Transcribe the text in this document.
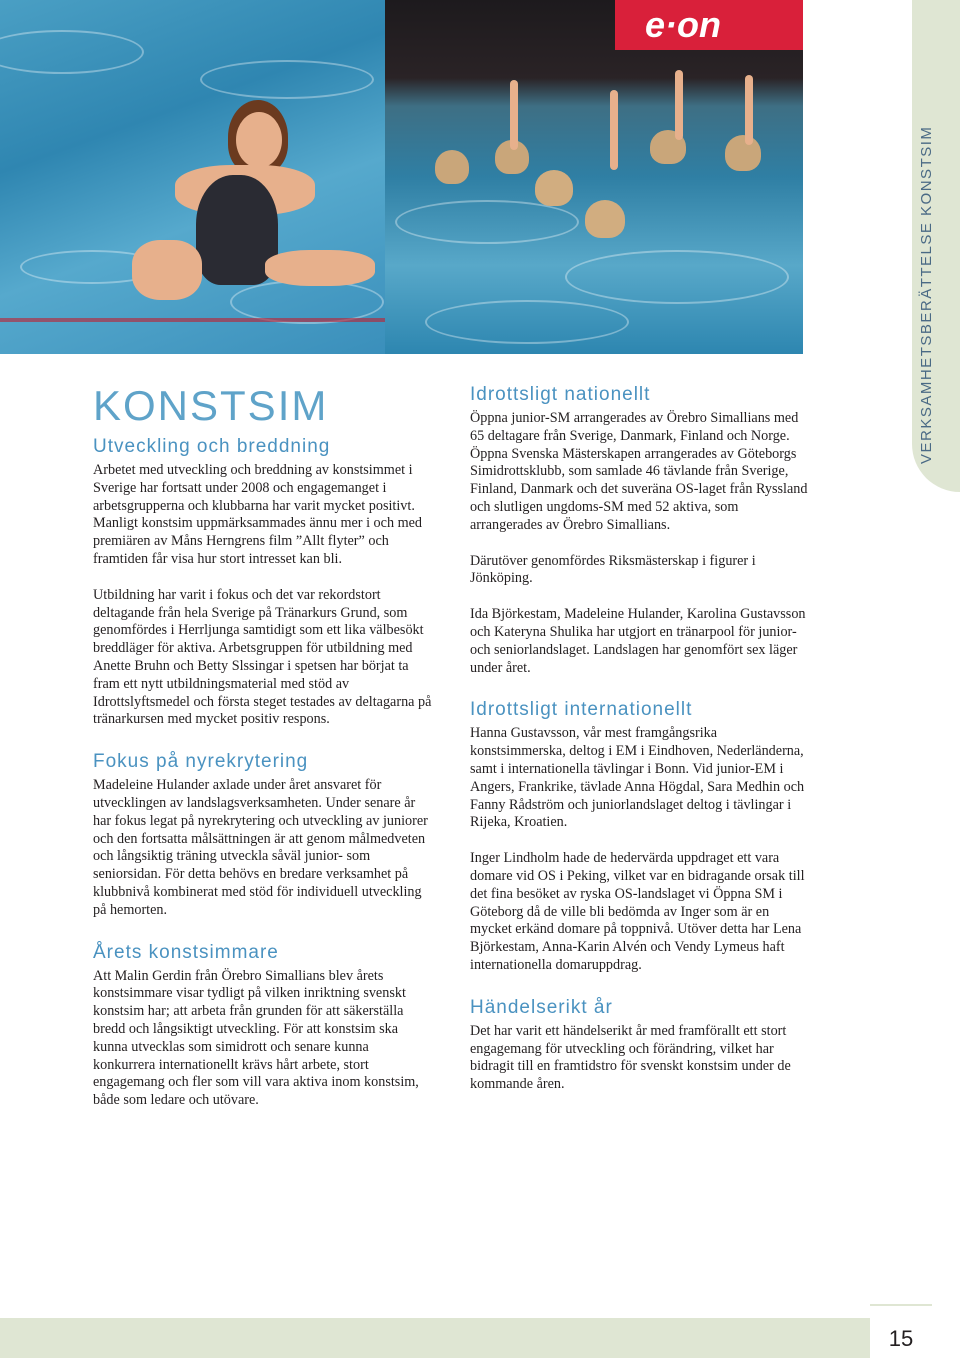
e·on
VERKSAMHETSBERÄTTELSE KONSTSIM
KONSTSIM
Utveckling och breddning

Arbetet med utveckling och breddning av konstsimmet i Sverige har fortsatt under 2008 och engagemanget i arbetsgrupperna och klubbarna har varit mycket positivt. Manligt konstsim uppmärksammades ännu mer i och med premiären av Måns Herngrens film ”Allt flyter” och framtiden får visa hur stort intresset kan bli.

Utbildning har varit i fokus och det var rekordstort deltagande från hela Sverige på Tränarkurs Grund, som genomfördes i Herrljunga samtidigt som ett lika välbesökt breddläger för aktiva. Arbetsgruppen för utbildning med Anette Bruhn och Betty Slssingar i spetsen har börjat ta fram ett nytt utbildningsmaterial med stöd av Idrottslyftsmedel och första steget testades av deltagarna på tränarkursen med mycket positiv respons.

Fokus på nyrekrytering

Madeleine Hulander axlade under året ansvaret för utvecklingen av landslagsverksamheten. Under senare år har fokus legat på nyrekrytering och utveckling av juniorer och den fortsatta målsättningen är att genom målmedveten och långsiktig träning utveckla såväl junior- som seniorsidan. För detta behövs en bredare verksamhet på klubbnivå kombinerat med stöd för individuell utveckling på hemorten.

Årets konstsimmare

Att Malin Gerdin från Örebro Simallians blev årets konstsimmare visar tydligt på vilken inriktning svenskt konstsim har; att arbeta från grunden för att säkerställa bredd och långsiktigt utveckling. För att konstsim ska kunna utvecklas som simidrott och senare kunna konkurrera internationellt krävs hårt arbete, stort engagemang och fler som vill vara aktiva inom konstsim, både som ledare och utövare.

Idrottsligt nationellt

Öppna junior-SM arrangerades av Örebro Simallians med 65 deltagare från Sverige, Danmark, Finland och Norge. Öppna Svenska Mästerskapen arrangerades av Göteborgs Simidrottsklubb, som samlade 46 tävlande från Sverige, Finland, Danmark och det suveräna OS-laget från Ryssland och slutligen ungdoms-SM med 52 aktiva, som arrangerades av Örebro Simallians.

Därutöver genomfördes Riksmästerskap i figurer i Jönköping.

Ida Björkestam, Madeleine Hulander, Karolina Gustavsson och Kateryna Shulika har utgjort en tränarpool för junior- och seniorlandslaget. Landslagen har genomfört sex läger under året.

Idrottsligt internationellt

Hanna Gustavsson, vår mest framgångsrika konstsimmerska, deltog i EM i Eindhoven, Nederländerna, samt i internationella tävlingar i Bonn. Vid junior-EM i Angers, Frankrike, tävlade Anna Högdal, Sara Medhin och Fanny Rådström och juniorlandslaget deltog i tävlingar i Rijeka, Kroatien.

Inger Lindholm hade de hedervärda uppdraget ett vara domare vid OS i Peking, vilket var en bidragande orsak till det fina besöket av ryska OS-landslaget vi Öppna SM i Göteborg då de ville bli bedömda av Inger som är en mycket erkänd domare på toppnivå. Utöver detta har Lena Björkestam, Anna-Karin Alvén och Vendy Lymeus haft internationella domaruppdrag.

Händelserikt år

Det har varit ett händelserikt år med framförallt ett stort engagemang för utveckling och förändring, vilket har bidragit till en framtidstro för svenskt konstsim under de kommande åren.

15
